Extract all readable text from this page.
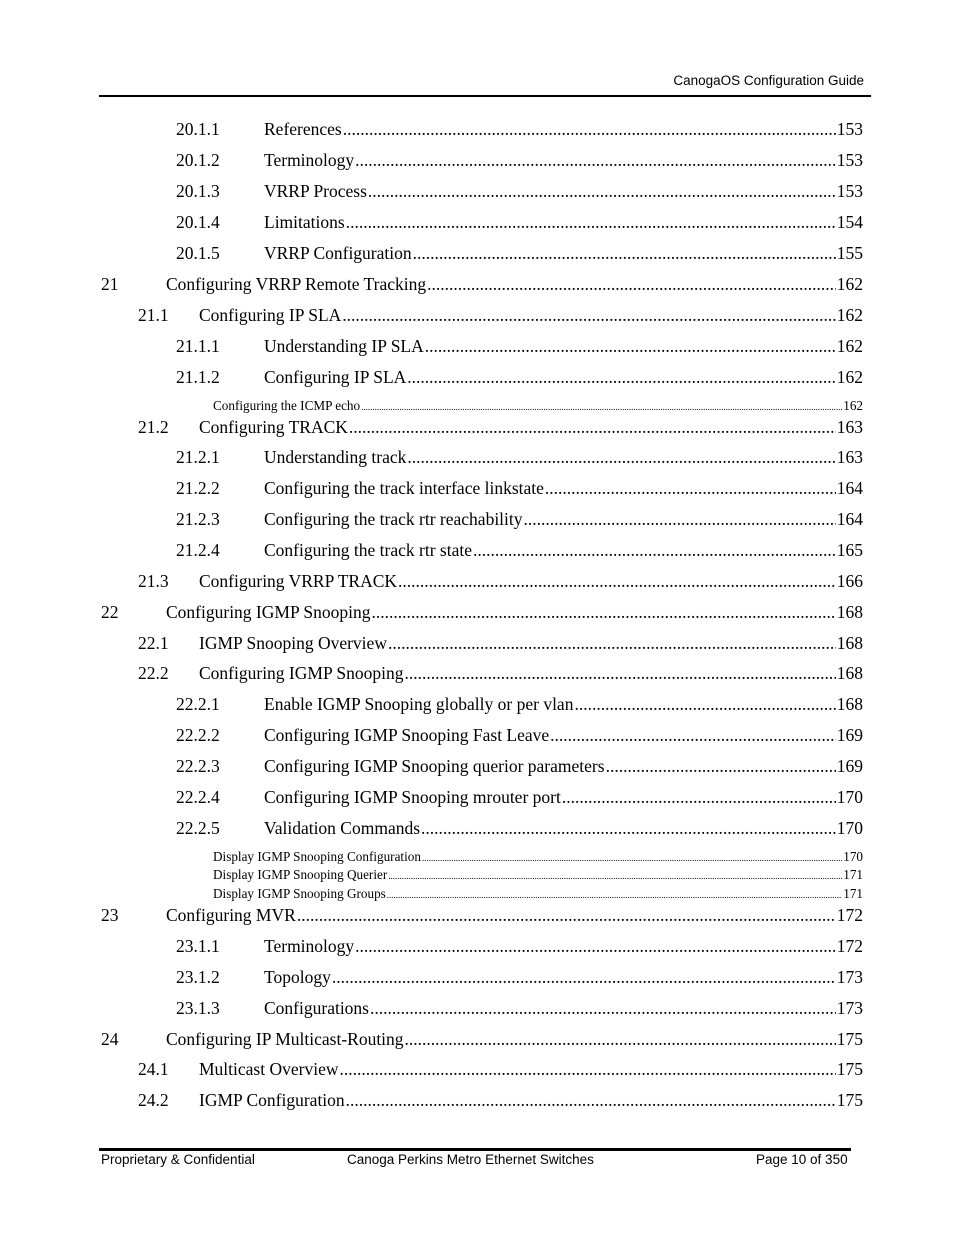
CanogaOS Configuration Guide
20.1.1	References .....	153
20.1.2	Terminology .....	153
20.1.3	VRRP Process .....	153
20.1.4	Limitations .....	154
20.1.5	VRRP Configuration .....	155
21	Configuring VRRP Remote Tracking .....	162
21.1	Configuring IP SLA .....	162
21.1.1	Understanding IP SLA .....	162
21.1.2	Configuring IP SLA .....	162
Configuring the ICMP echo .....	162
21.2	Configuring TRACK .....	163
21.2.1	Understanding track .....	163
21.2.2	Configuring the track interface linkstate .....	164
21.2.3	Configuring the track rtr reachability .....	164
21.2.4	Configuring the track rtr state .....	165
21.3	Configuring VRRP TRACK .....	166
22	Configuring IGMP Snooping .....	168
22.1	IGMP Snooping Overview .....	168
22.2	Configuring IGMP Snooping .....	168
22.2.1	Enable IGMP Snooping globally or per vlan .....	168
22.2.2	Configuring IGMP Snooping Fast Leave .....	169
22.2.3	Configuring IGMP Snooping querior parameters .....	169
22.2.4	Configuring IGMP Snooping mrouter port .....	170
22.2.5	Validation Commands .....	170
Display IGMP Snooping Configuration .....	170
Display IGMP Snooping Querier .....	171
Display IGMP Snooping Groups .....	171
23	Configuring MVR .....	172
23.1.1	Terminology .....	172
23.1.2	Topology .....	173
23.1.3	Configurations .....	173
24	Configuring IP Multicast-Routing .....	175
24.1	Multicast Overview .....	175
24.2	IGMP Configuration .....	175
Proprietary & Confidential	Canoga Perkins Metro Ethernet Switches	Page 10 of 350
